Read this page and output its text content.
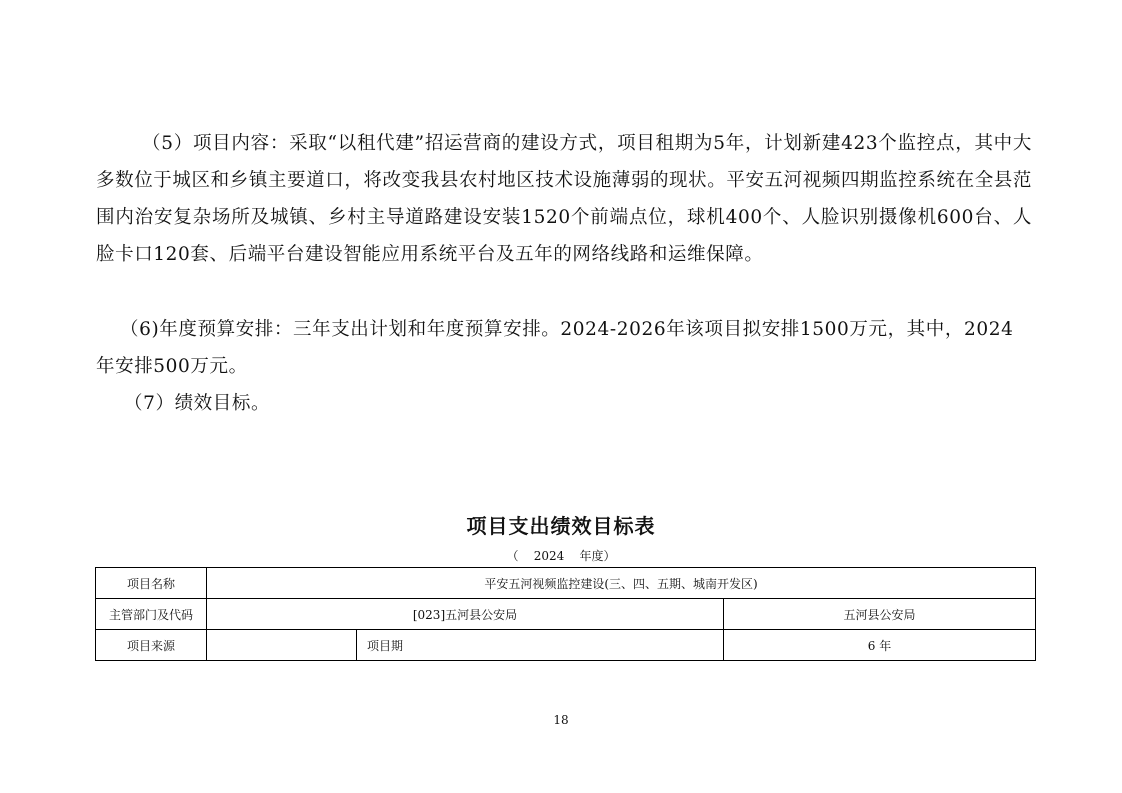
（5）项目内容：采取“以租代建”招运营商的建设方式，项目租期为5年，计划新建423个监控点，其中大多数位于城区和乡镇主要道口，将改变我县农村地区技术设施薄弱的现状。平安五河视频四期监控系统在全县范围内治安复杂场所及城镇、乡村主导道路建设安装1520个前端点位，球机400个、人脸识别摄像机600台、人脸卡口120套、后端平台建设智能应用系统平台及五年的网络线路和运维保障。

（6)年度预算安排：三年支出计划和年度预算安排。2024-2026年该项目拟安排1500万元，其中，2024年安排500万元。

（7）绩效目标。

项目支出绩效目标表
（    2024    年度）
项目名称	平安五河视频监控建设(三、四、五期、城南开发区)		
主管部门及代码	[023]五河县公安局		五河县公安局
项目来源		项目期	6 年
18
